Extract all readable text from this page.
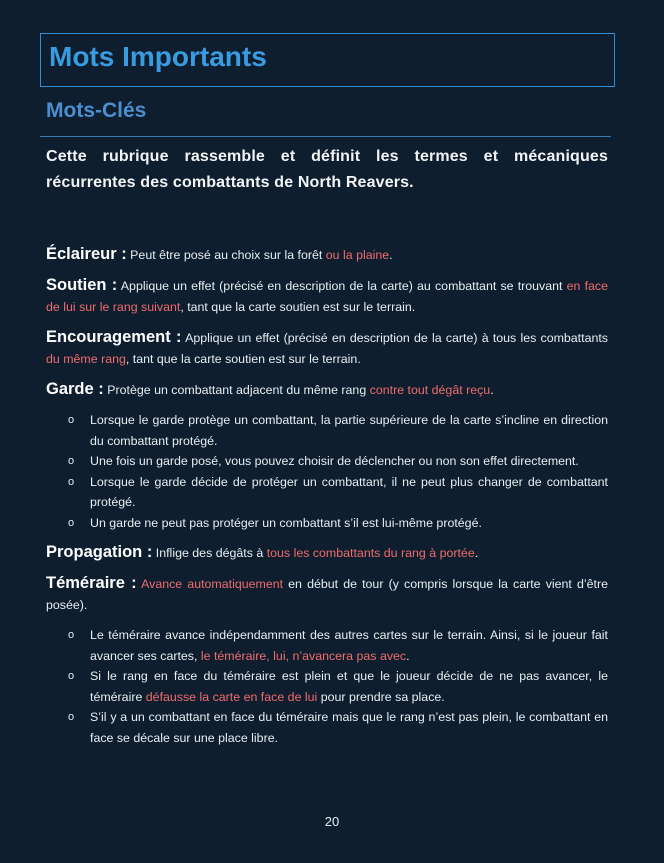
Mots Importants
Mots-Clés

Cette rubrique rassemble et définit les termes et mécaniques récurrentes des combattants de North Reavers.

Éclaireur : Peut être posé au choix sur la forêt ou la plaine.

Soutien : Applique un effet (précisé en description de la carte) au combattant se trouvant en face de lui sur le rang suivant, tant que la carte soutien est sur le terrain.

Encouragement : Applique un effet (précisé en description de la carte) à tous les combattants du même rang, tant que la carte soutien est sur le terrain.

Garde : Protège un combattant adjacent du même rang contre tout dégât reçu.

o Lorsque le garde protège un combattant, la partie supérieure de la carte s’incline en direction du combattant protégé.
o Une fois un garde posé, vous pouvez choisir de déclencher ou non son effet directement.
o Lorsque le garde décide de protéger un combattant, il ne peut plus changer de combattant protégé.
o Un garde ne peut pas protéger un combattant s’il est lui-même protégé.

Propagation : Inflige des dégâts à tous les combattants du rang à portée.

Téméraire : Avance automatiquement en début de tour (y compris lorsque la carte vient d’être posée).

o Le téméraire avance indépendamment des autres cartes sur le terrain. Ainsi, si le joueur fait avancer ses cartes, le téméraire, lui, n’avancera pas avec.
o Si le rang en face du téméraire est plein et que le joueur décide de ne pas avancer, le téméraire défausse la carte en face de lui pour prendre sa place.
o S’il y a un combattant en face du téméraire mais que le rang n’est pas plein, le combattant en face se décale sur une place libre.
20
